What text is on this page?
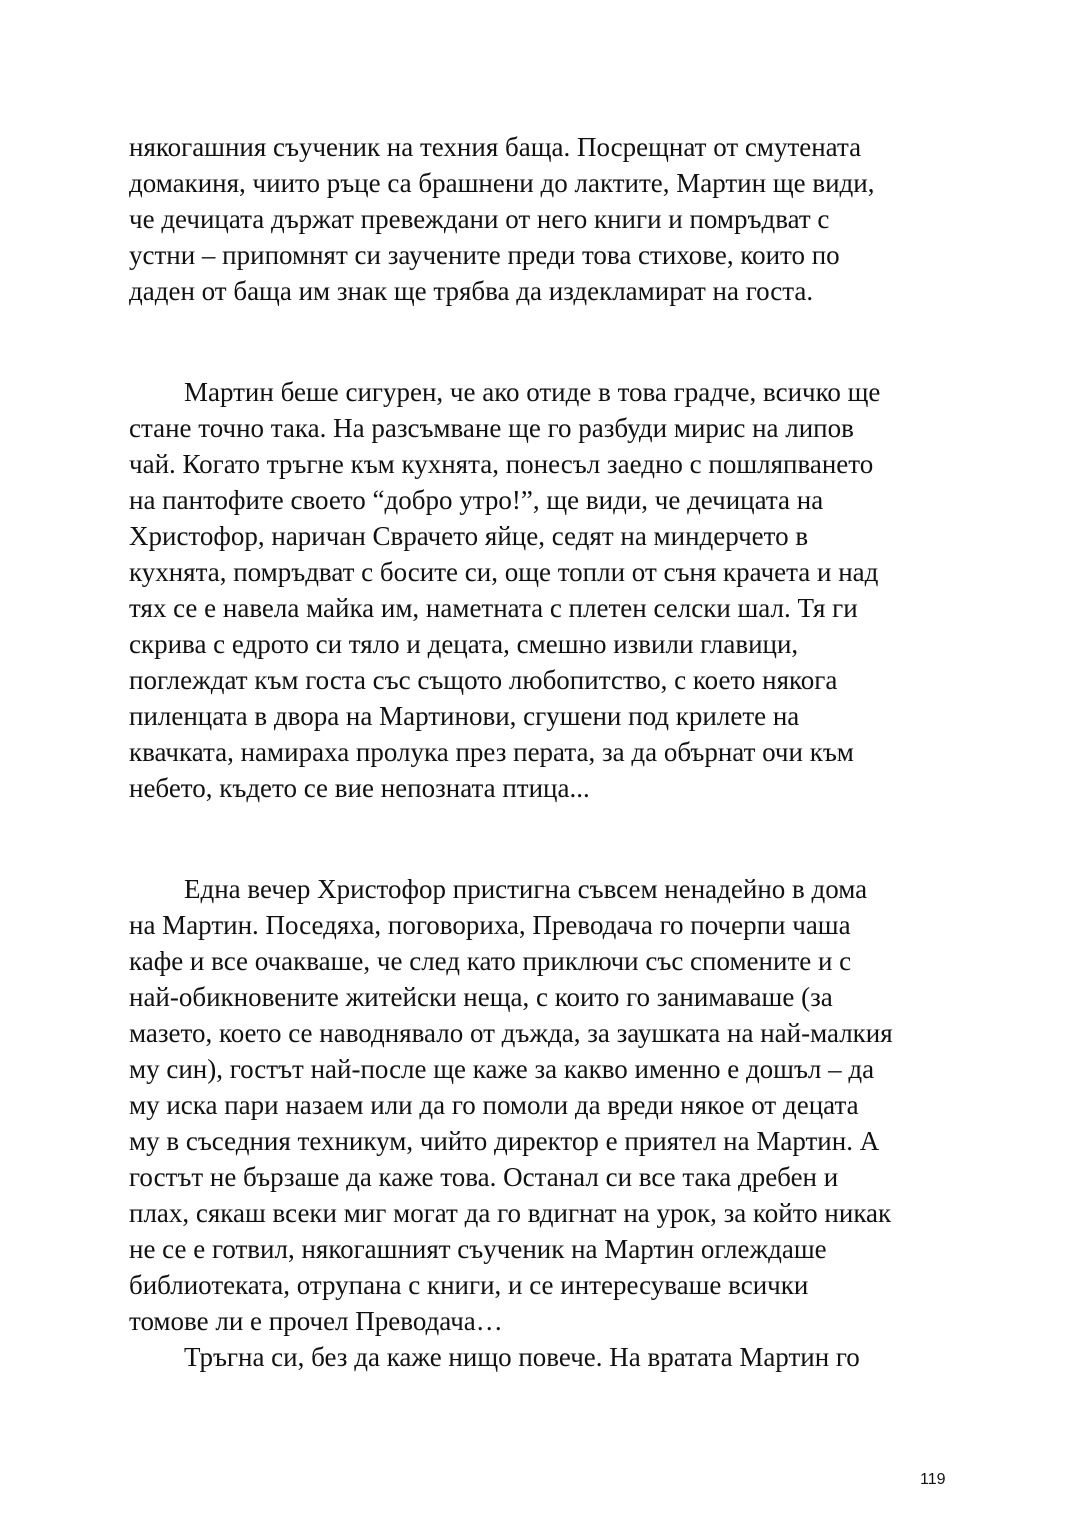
някогашния съученик на техния баща. Посрещнат от смутената
домакиня, чиито ръце са брашнени до лактите, Мартин ще види,
че дечицата държат превеждани от него книги и помръдват с
устни – припомнят си заучените преди това стихове, които по
даден от баща им знак ще трябва да издекламират на госта.
Мартин беше сигурен, че ако отиде в това градче, всичко ще
стане точно така. На разсъмване ще го разбуди мирис на липов
чай. Когато тръгне към кухнята, понесъл заедно с пошляпването
на пантофите своето “добро утро!”, ще види, че дечицата на
Христофор, наричан Сврачето яйце, седят на миндерчето в
кухнята, помръдват с босите си, още топли от съня крачета и над
тях се е навела майка им, наметната с плетен селски шал. Тя ги
скрива с едрото си тяло и децата, смешно извили главици,
поглеждат към госта със същото любопитство, с което някога
пиленцата в двора на Мартинови, сгушени под крилете на
квачката, намираха пролука през перата, за да обърнат очи към
небето, където се вие непозната птица...
Една вечер Христофор пристигна съвсем ненадейно в дома
на Мартин. Поседяха, поговориха, Преводача го почерпи чаша
кафе и все очакваше, че след като приключи със спомените и с
най-обикновените житейски неща, с които го занимаваше (за
мазето, което се наводнявало от дъжда, за заушката на най-малкия
му син), гостът най-после ще каже за какво именно е дошъл – да
му иска пари назаем или да го помоли да вреди някое от децата
му в съседния техникум, чийто директор е приятел на Мартин. А
гостът не бързаше да каже това. Останал си все така дребен и
плах, сякаш всеки миг могат да го вдигнат на урок, за който никак
не се е готвил, някогашният съученик на Мартин оглеждаше
библиотеката, отрупана с книги, и се интересуваше всички
томове ли е прочел Преводача…
Тръгна си, без да каже нищо повече. На вратата Мартин го
119
